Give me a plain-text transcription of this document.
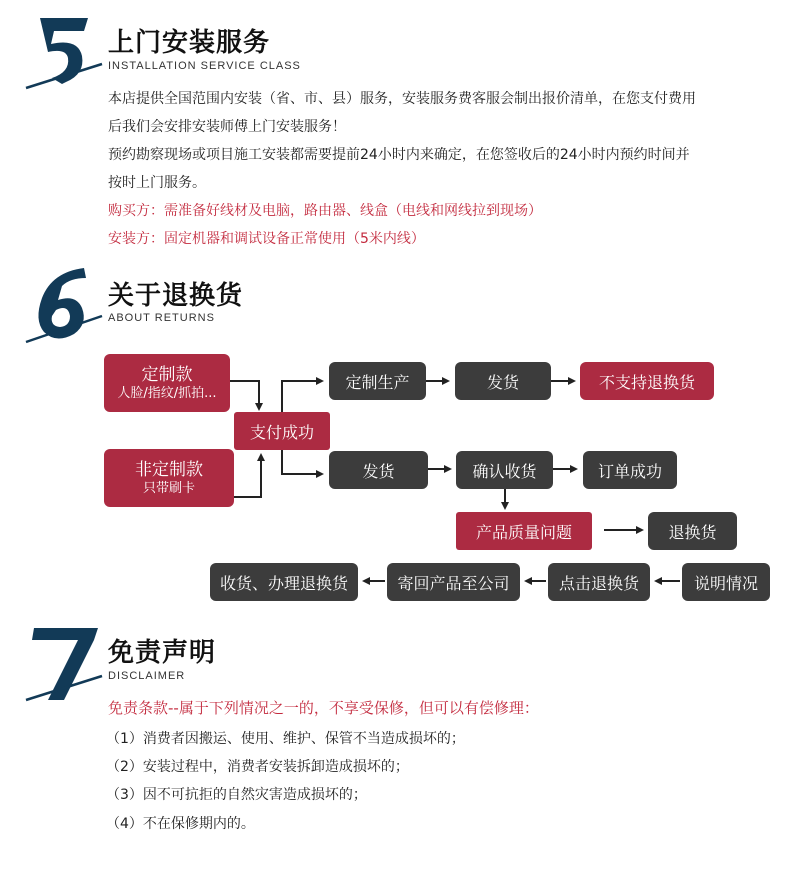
上门安装服务
INSTALLATION SERVICE CLASS
本店提供全国范围内安装（省、市、县）服务，安装服务费客服会制出报价清单，在您支付费用
后我们会安排安装师傅上门安装服务！
预约勘察现场或项目施工安装都需要提前24小时内来确定，在您签收后的24小时内预约时间并
按时上门服务。
购买方：需准备好线材及电脑，路由器、线盒（电线和网线拉到现场）
安装方：固定机器和调试设备正常使用（5米内线）
关于退换货
ABOUT RETURNS
定制款
人脸/指纹/抓拍...
非定制款
只带刷卡
支付成功
定制生产	发货	不支持退换货
发货	确认收货	订单成功
产品质量问题	退换货
说明情况
点击退换货
寄回产品至公司
收货、办理退换货
免责声明
DISCLAIMER
免责条款--属于下列情况之一的，不享受保修，但可以有偿修理：
（1）消费者因搬运、使用、维护、保管不当造成损坏的；
（2）安装过程中，消费者安装拆卸造成损坏的；
（3）因不可抗拒的自然灾害造成损坏的；
（4）不在保修期内的。
